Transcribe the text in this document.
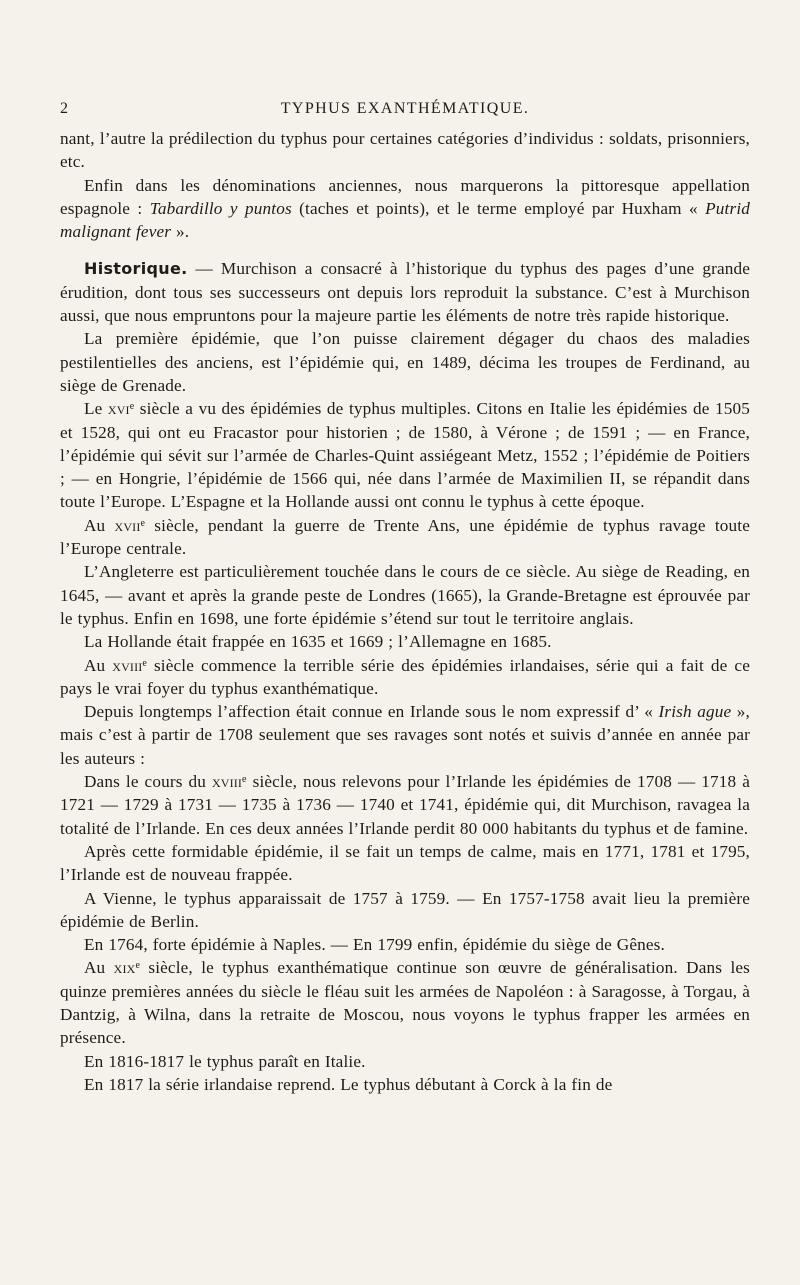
2	TYPHUS EXANTHÉMATIQUE.

nant, l’autre la prédilection du typhus pour certaines catégories d’individus : soldats, prisonniers, etc.

Enfin dans les dénominations anciennes, nous marquerons la pittoresque appellation espagnole : Tabardillo y puntos (taches et points), et le terme employé par Huxham « Putrid malignant fever ».

Historique. — Murchison a consacré à l’historique du typhus des pages d’une grande érudition, dont tous ses successeurs ont depuis lors reproduit la substance. C’est à Murchison aussi, que nous empruntons pour la majeure partie les éléments de notre très rapide historique.

La première épidémie, que l’on puisse clairement dégager du chaos des maladies pestilentielles des anciens, est l’épidémie qui, en 1489, décima les troupes de Ferdinand, au siège de Grenade.

Le xvi$^e$ siècle a vu des épidémies de typhus multiples. Citons en Italie les épidémies de 1505 et 1528, qui ont eu Fracastor pour historien ; de 1580, à Vérone ; de 1591 ; — en France, l’épidémie qui sévit sur l’armée de Charles-Quint assiégeant Metz, 1552 ; l’épidémie de Poitiers ; — en Hongrie, l’épidémie de 1566 qui, née dans l’armée de Maximilien II, se répandit dans toute l’Europe. L’Espagne et la Hollande aussi ont connu le typhus à cette époque.

Au xvii$^e$ siècle, pendant la guerre de Trente Ans, une épidémie de typhus ravage toute l’Europe centrale.

L’Angleterre est particulièrement touchée dans le cours de ce siècle. Au siège de Reading, en 1645, — avant et après la grande peste de Londres (1665), la Grande-Bretagne est éprouvée par le typhus. Enfin en 1698, une forte épidémie s’étend sur tout le territoire anglais.

La Hollande était frappée en 1635 et 1669 ; l’Allemagne en 1685.

Au xviii$^e$ siècle commence la terrible série des épidémies irlandaises, série qui a fait de ce pays le vrai foyer du typhus exanthématique.

Depuis longtemps l’affection était connue en Irlande sous le nom expressif d’ « Irish ague », mais c’est à partir de 1708 seulement que ses ravages sont notés et suivis d’année en année par les auteurs :

Dans le cours du xviii$^e$ siècle, nous relevons pour l’Irlande les épidémies de 1708 — 1718 à 1721 — 1729 à 1731 — 1735 à 1736 — 1740 et 1741, épidémie qui, dit Murchison, ravagea la totalité de l’Irlande. En ces deux années l’Irlande perdit 80 000 habitants du typhus et de famine.

Après cette formidable épidémie, il se fait un temps de calme, mais en 1771, 1781 et 1795, l’Irlande est de nouveau frappée.

A Vienne, le typhus apparaissait de 1757 à 1759. — En 1757-1758 avait lieu la première épidémie de Berlin.

En 1764, forte épidémie à Naples. — En 1799 enfin, épidémie du siège de Gênes.

Au xix$^e$ siècle, le typhus exanthématique continue son œuvre de généralisation. Dans les quinze premières années du siècle le fléau suit les armées de Napoléon : à Saragosse, à Torgau, à Dantzig, à Wilna, dans la retraite de Moscou, nous voyons le typhus frapper les armées en présence.

En 1816-1817 le typhus paraît en Italie.

En 1817 la série irlandaise reprend. Le typhus débutant à Corck à la fin de
